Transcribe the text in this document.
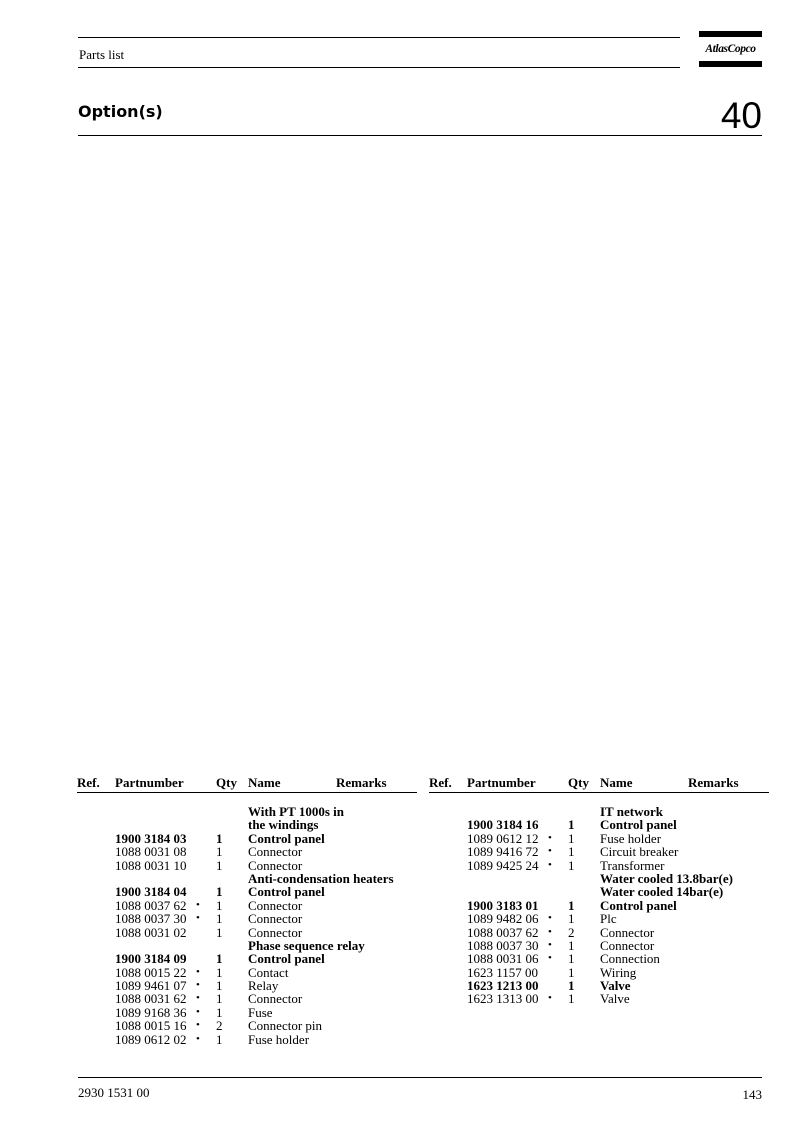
Parts list	AtlasCopco
Option(s)	40
Ref. Partnumber Qty Name	Remarks
With PT 1000s in
the windings
1900 3184 03 1 Control panel
1088 0031 08 1 Connector
1088 0031 10 1 Connector
Anti-condensation heaters
1900 3184 04 1 Control panel
1088 0037 62 • 1 Connector
1088 0037 30 • 1 Connector
1088 0031 02 1 Connector
Phase sequence relay
1900 3184 09 1 Control panel
1088 0015 22 • 1 Contact
1089 9461 07 • 1 Relay
1088 0031 62 • 1 Connector
1089 9168 36 • 1 Fuse
1088 0015 16 • 2 Connector pin
1089 0612 02 • 1 Fuse holder
Ref. Partnumber Qty Name	Remarks
IT network
1900 3184 16 1 Control panel
1089 0612 12 • 1 Fuse holder
1089 9416 72 • 1 Circuit breaker
1089 9425 24 • 1 Transformer
Water cooled 13.8bar(e)
Water cooled 14bar(e)
1900 3183 01 1 Control panel
1089 9482 06 • 1 Plc
1088 0037 62 • 2 Connector
1088 0037 30 • 1 Connector
1088 0031 06 • 1 Connection
1623 1157 00 1 Wiring
1623 1213 00 1 Valve
1623 1313 00 • 1 Valve
2930 1531 00	143
